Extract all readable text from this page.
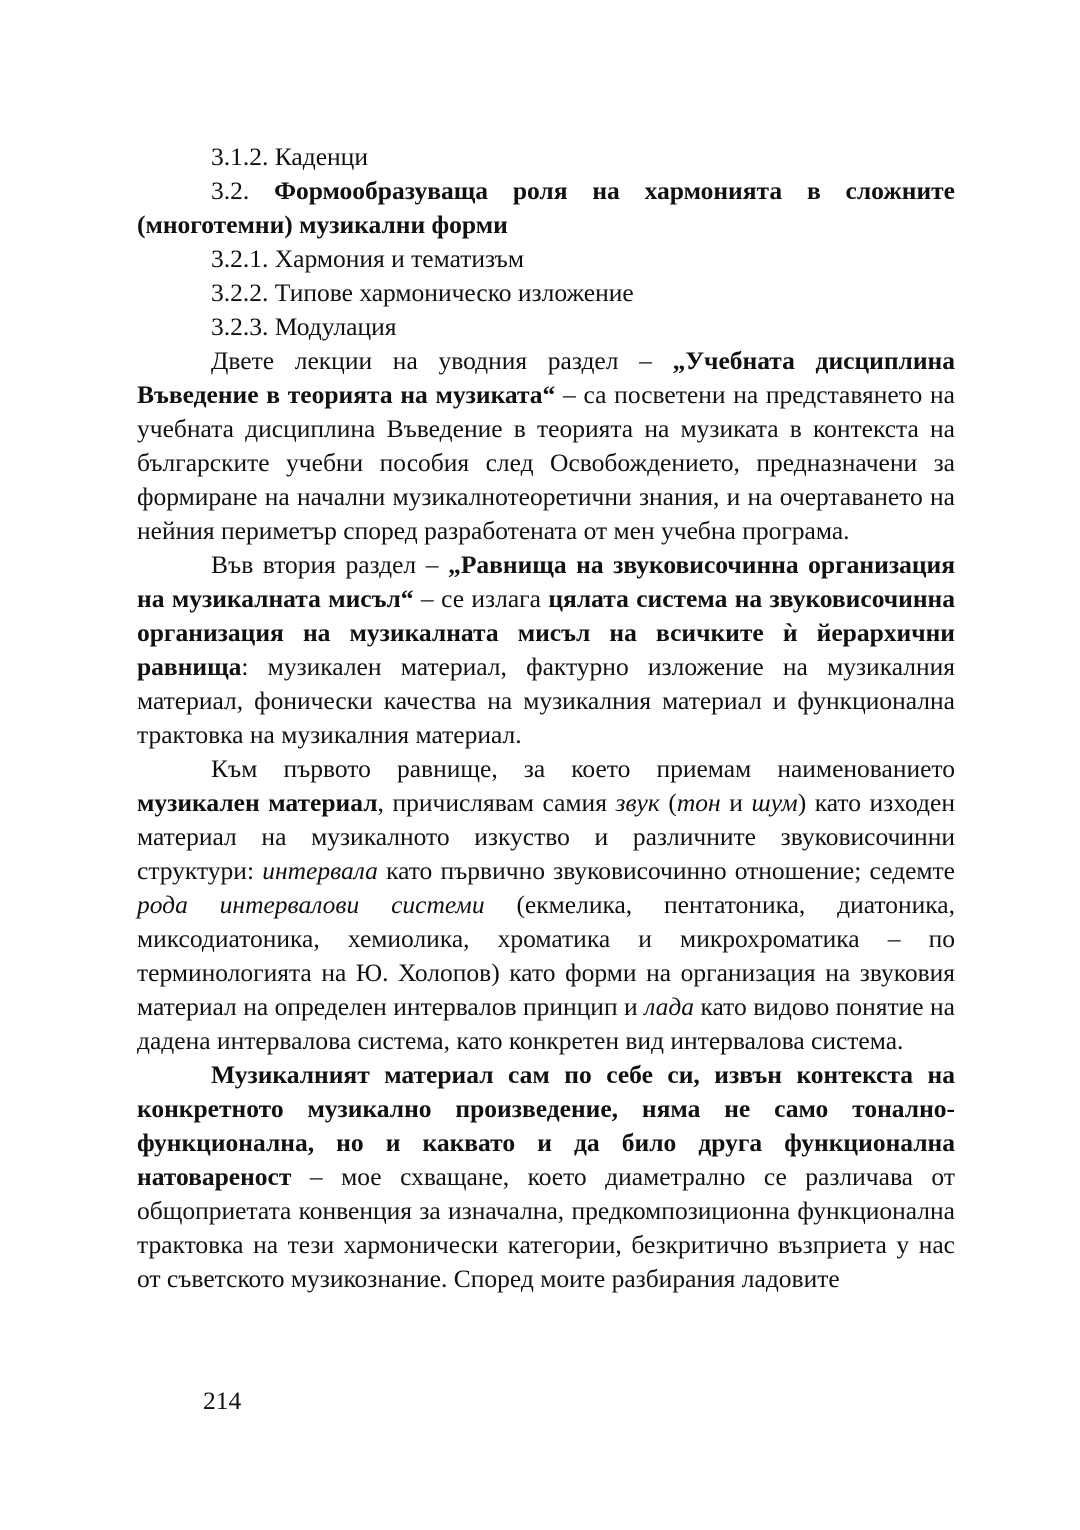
3.1.2. Каденци

3.2. Формообразуваща роля на хармонията в сложните (многотемни) музикални форми

3.2.1. Хармония и тематизъм

3.2.2. Типове хармоническо изложение

3.2.3. Модулация

Двете лекции на уводния раздел – „Учебната дисциплина Въведение в теорията на музиката“ – са посветени на представянето на учебната дисциплина Въведение в теорията на музиката в контекста на българските учебни пособия след Освобождението, предназначени за формиране на начални музикалнотеоретични знания, и на очертаването на нейния периметър според разработената от мен учебна програма.

Във втория раздел – „Равнища на звуковисочинна организация на музикалната мисъл“ – се излага цялата система на звуковисочинна организация на музикалната мисъл на всичките ѝ йерархични равнища: музикален материал, фактурно изложение на музикалния материал, фонически качества на музикалния материал и функционална трактовка на музикалния материал.

Към първото равнище, за което приемам наименованието музикален материал, причислявам самия звук (тон и шум) като изходен материал на музикалното изкуство и различните звуковисочинни структури: интервала като първично звуковисочинно отношение; седемте рода интервалови системи (екмелика, пентатоника, диатоника, миксодиатоника, хемиолика, хроматика и микрохроматика – по терминологията на Ю. Холопов) като форми на организация на звуковия материал на определен интервалов принцип и лада като видово понятие на дадена интервалова система, като конкретен вид интервалова система.

Музикалният материал сам по себе си, извън контекста на конкретното музикално произведение, няма не само тонално-функционална, но и каквато и да било друга функционална натовареност – мое схващане, което диаметрално се различава от общоприетата конвенция за изначална, предкомпозиционна функционална трактовка на тези хармонически категории, безкритично възприета у нас от съветското музикознание. Според моите разбирания ладовите

214
